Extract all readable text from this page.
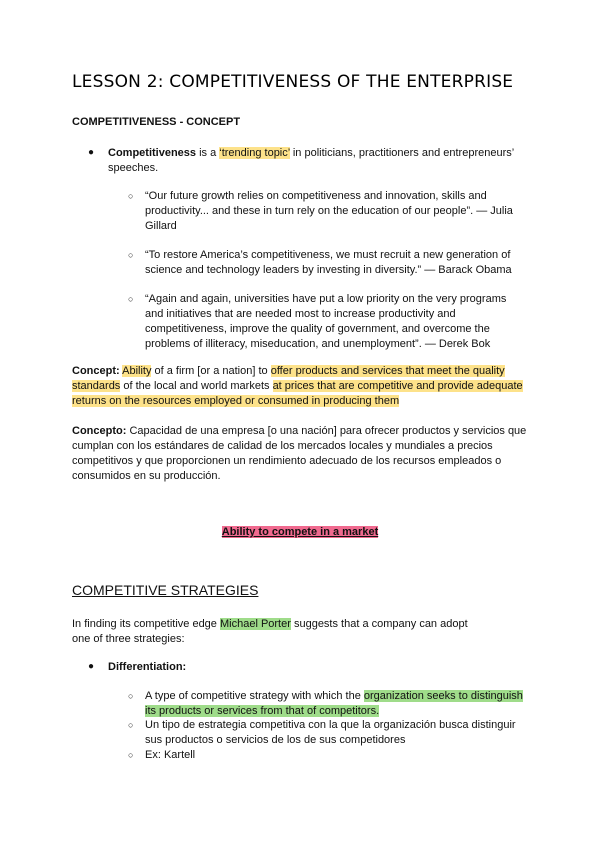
LESSON 2: COMPETITIVENESS OF THE ENTERPRISE
COMPETITIVENESS - CONCEPT
● Competitiveness is a ‘trending topic’ in politicians, practitioners and entrepreneurs’ speeches.
○ “Our future growth relies on competitiveness and innovation, skills and productivity... and these in turn rely on the education of our people”. — Julia Gillard
○ “To restore America’s competitiveness, we must recruit a new generation of science and technology leaders by investing in diversity.” — Barack Obama
○ “Again and again, universities have put a low priority on the very programs and initiatives that are needed most to increase productivity and competitiveness, improve the quality of government, and overcome the problems of illiteracy, miseducation, and unemployment”. — Derek Bok

Concept: Ability of a firm [or a nation] to offer products and services that meet the quality standards of the local and world markets at prices that are competitive and provide adequate returns on the resources employed or consumed in producing them

Concepto: Capacidad de una empresa [o una nación] para ofrecer productos y servicios que cumplan con los estándares de calidad de los mercados locales y mundiales a precios competitivos y que proporcionen un rendimiento adecuado de los recursos empleados o consumidos en su producción.

Ability to compete in a market
COMPETITIVE STRATEGIES

In finding its competitive edge Michael Porter suggests that a company can adopt one of three strategies:

● Differentiation:
○ A type of competitive strategy with which the organization seeks to distinguish its products or services from that of competitors.
○ Un tipo de estrategia competitiva con la que la organización busca distinguir sus productos o servicios de los de sus competidores
○ Ex: Kartell
